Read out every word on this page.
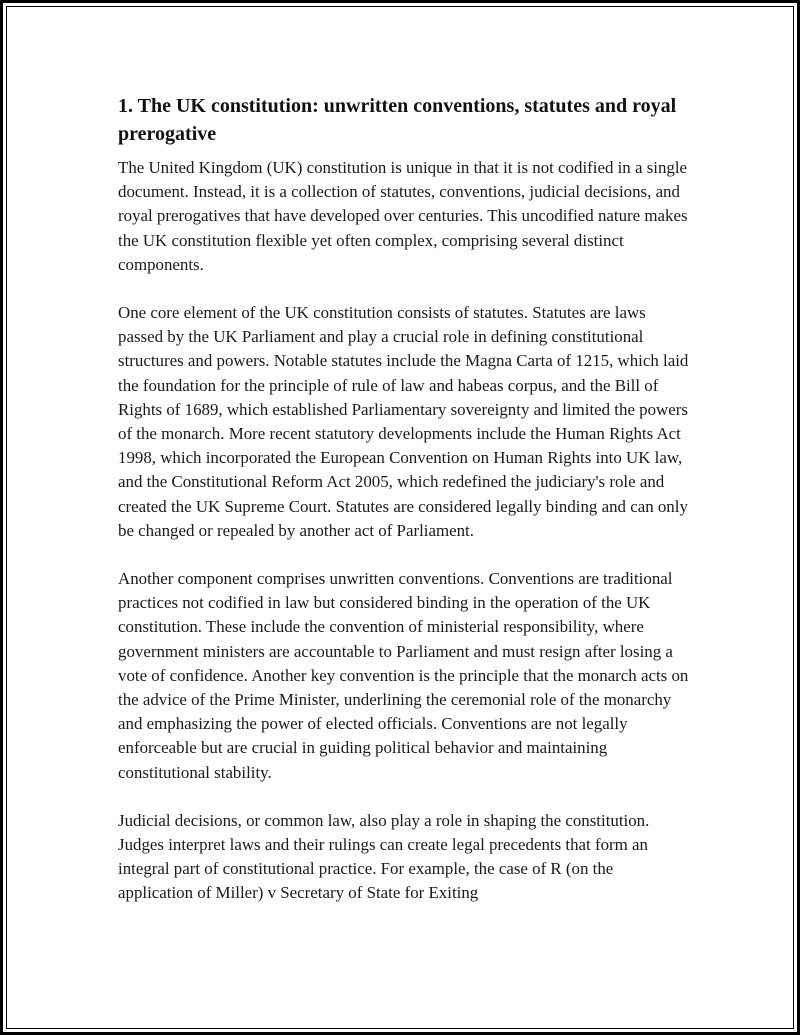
1. The UK constitution: unwritten conventions, statutes and royal prerogative

The United Kingdom (UK) constitution is unique in that it is not codified in a single document. Instead, it is a collection of statutes, conventions, judicial decisions, and royal prerogatives that have developed over centuries. This uncodified nature makes the UK constitution flexible yet often complex, comprising several distinct components.

One core element of the UK constitution consists of statutes. Statutes are laws passed by the UK Parliament and play a crucial role in defining constitutional structures and powers. Notable statutes include the Magna Carta of 1215, which laid the foundation for the principle of rule of law and habeas corpus, and the Bill of Rights of 1689, which established Parliamentary sovereignty and limited the powers of the monarch. More recent statutory developments include the Human Rights Act 1998, which incorporated the European Convention on Human Rights into UK law, and the Constitutional Reform Act 2005, which redefined the judiciary's role and created the UK Supreme Court. Statutes are considered legally binding and can only be changed or repealed by another act of Parliament.

Another component comprises unwritten conventions. Conventions are traditional practices not codified in law but considered binding in the operation of the UK constitution. These include the convention of ministerial responsibility, where government ministers are accountable to Parliament and must resign after losing a vote of confidence. Another key convention is the principle that the monarch acts on the advice of the Prime Minister, underlining the ceremonial role of the monarchy and emphasizing the power of elected officials. Conventions are not legally enforceable but are crucial in guiding political behavior and maintaining constitutional stability.

Judicial decisions, or common law, also play a role in shaping the constitution. Judges interpret laws and their rulings can create legal precedents that form an integral part of constitutional practice. For example, the case of R (on the application of Miller) v Secretary of State for Exiting
